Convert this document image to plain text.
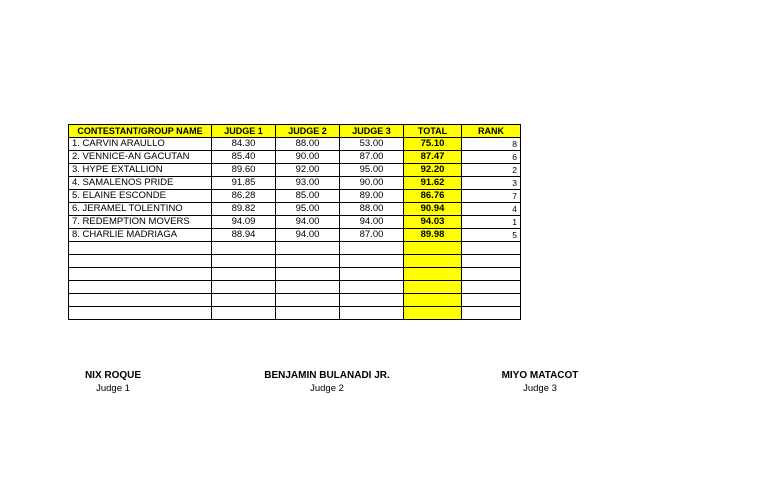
CONTESTANT/GROUP NAME	JUDGE 1	JUDGE 2	JUDGE 3	TOTAL	RANK
1. CARVIN ARAULLO	84.30	88.00	53.00	75.10	8
2. VENNICE-AN GACUTAN	85.40	90.00	87.00	87.47	6
3. HYPE EXTALLION	89.60	92.00	95.00	92.20	2
4. SAMALENOS PRIDE	91.85	93.00	90.00	91.62	3
5. ELAINE ESCONDE	86.28	85.00	89.00	86.76	7
6. JERAMEL TOLENTINO	89.82	95.00	88.00	90.94	4
7. REDEMPTION MOVERS	94.09	94.00	94.00	94.03	1
8. CHARLIE MADRIAGA	88.94	94.00	87.00	89.98	5

NIX ROQUE
Judge 1
BENJAMIN BULANADI JR.
Judge 2
MIYO MATACOT
Judge 3
